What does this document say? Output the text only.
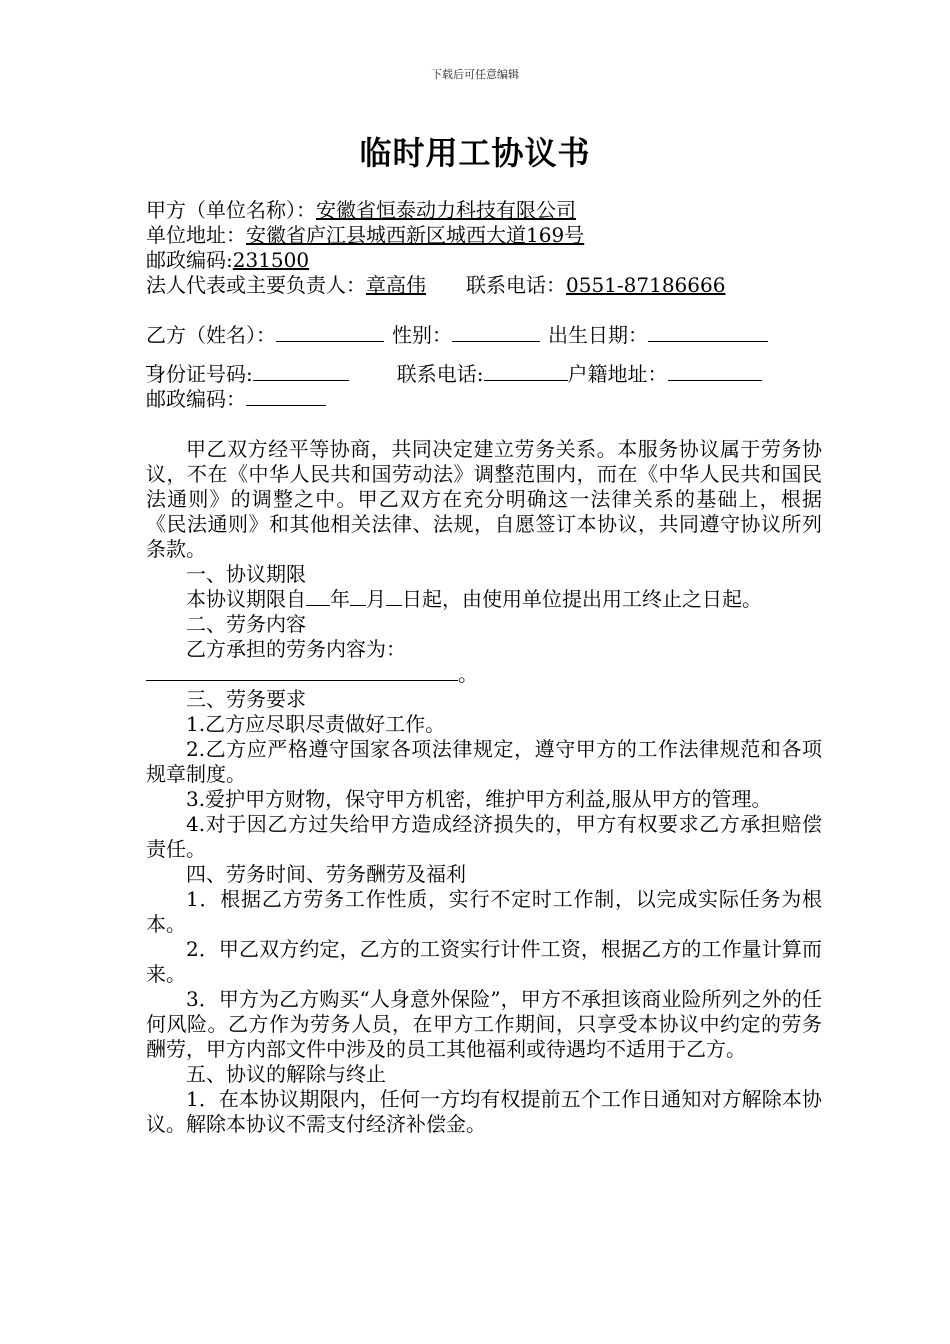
下载后可任意编辑
临时用工协议书
甲方（单位名称）：安徽省恒泰动力科技有限公司
单位地址：安徽省庐江县城西新区城西大道169号
邮政编码:231500
法人代表或主要负责人：章高伟 联系电话：0551-87186666
乙方（姓名）：	性别：	出生日期：
身份证号码:	联系电话:	户籍地址：
邮政编码：
甲乙双方经平等协商，共同决定建立劳务关系。本服务协议属于劳务协议，不在《中华人民共和国劳动法》调整范围内，而在《中华人民共和国民法通则》的调整之中。甲乙双方在充分明确这一法律关系的基础上，根据《民法通则》和其他相关法律、法规，自愿签订本协议，共同遵守协议所列条款。
一、协议期限
本协议期限自 年 月 日起，由使用单位提出用工终止之日起。
二、劳务内容
乙方承担的劳务内容为：
。
三、劳务要求
1.乙方应尽职尽责做好工作。
2.乙方应严格遵守国家各项法律规定，遵守甲方的工作法律规范和各项规章制度。
3.爱护甲方财物，保守甲方机密，维护甲方利益,服从甲方的管理。
4.对于因乙方过失给甲方造成经济损失的，甲方有权要求乙方承担赔偿责任。
四、劳务时间、劳务酬劳及福利
1．根据乙方劳务工作性质，实行不定时工作制，以完成实际任务为根本。
2．甲乙双方约定，乙方的工资实行计件工资，根据乙方的工作量计算而来。
3．甲方为乙方购买“人身意外保险”，甲方不承担该商业险所列之外的任何风险。乙方作为劳务人员，在甲方工作期间，只享受本协议中约定的劳务酬劳，甲方内部文件中涉及的员工其他福利或待遇均不适用于乙方。
五、协议的解除与终止
1．在本协议期限内，任何一方均有权提前五个工作日通知对方解除本协议。解除本协议不需支付经济补偿金。
